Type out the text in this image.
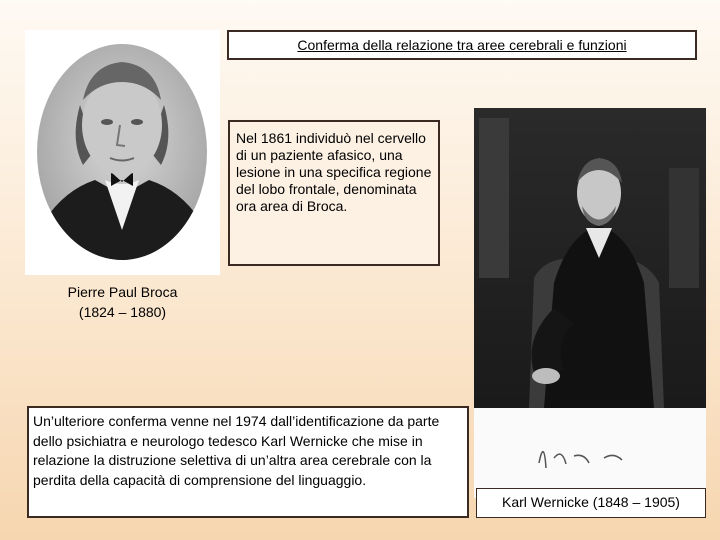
Conferma della relazione tra aree cerebrali e funzioni
Nel 1861 individuò nel cervello di un paziente afasico, una lesione in una specifica regione del lobo frontale, denominata ora area di Broca.
Pierre Paul Broca
(1824 – 1880)
Un’ulteriore conferma venne nel 1974 dall’identificazione da parte dello psichiatra e neurologo tedesco Karl Wernicke che mise in relazione la distruzione selettiva di un’altra area cerebrale con la perdita della capacità di comprensione del linguaggio.
Karl Wernicke (1848 – 1905)
